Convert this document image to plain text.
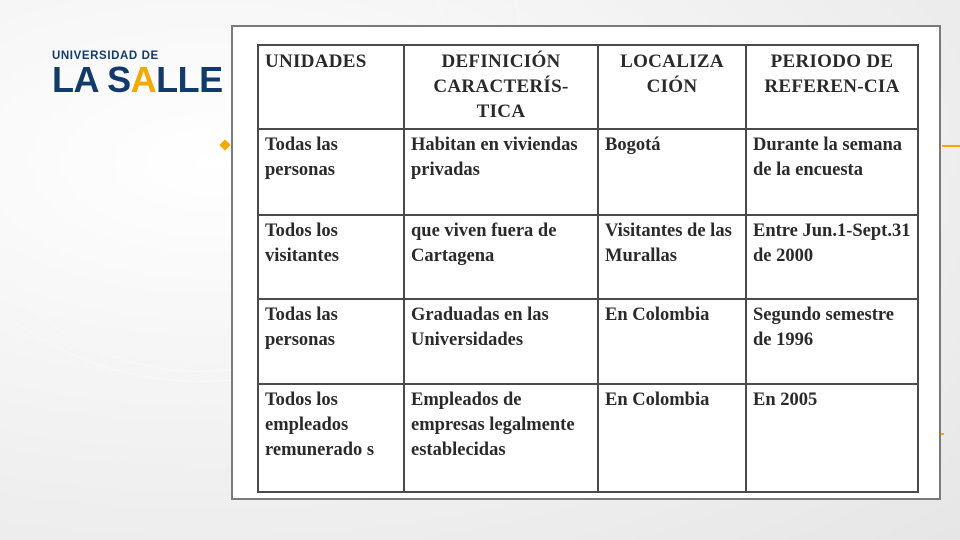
UNIVERSIDAD DE
LA SALLE UNIDADES	DEFINICIÓN CARACTERÍS-TICA	LOCALIZA CIÓN	PERIODO DE REFEREN-CIA
Todas las personas	Habitan en viviendas privadas	Bogotá	Durante la semana de la encuesta
Todos los visitantes	que viven fuera de Cartagena	Visitantes de las Murallas	Entre Jun.1-Sept.31 de 2000
Todas las personas	Graduadas en las Universidades	En Colombia	Segundo semestre de 1996
Todos los empleados remunerado s	Empleados de empresas legalmente establecidas	En Colombia	En 2005
